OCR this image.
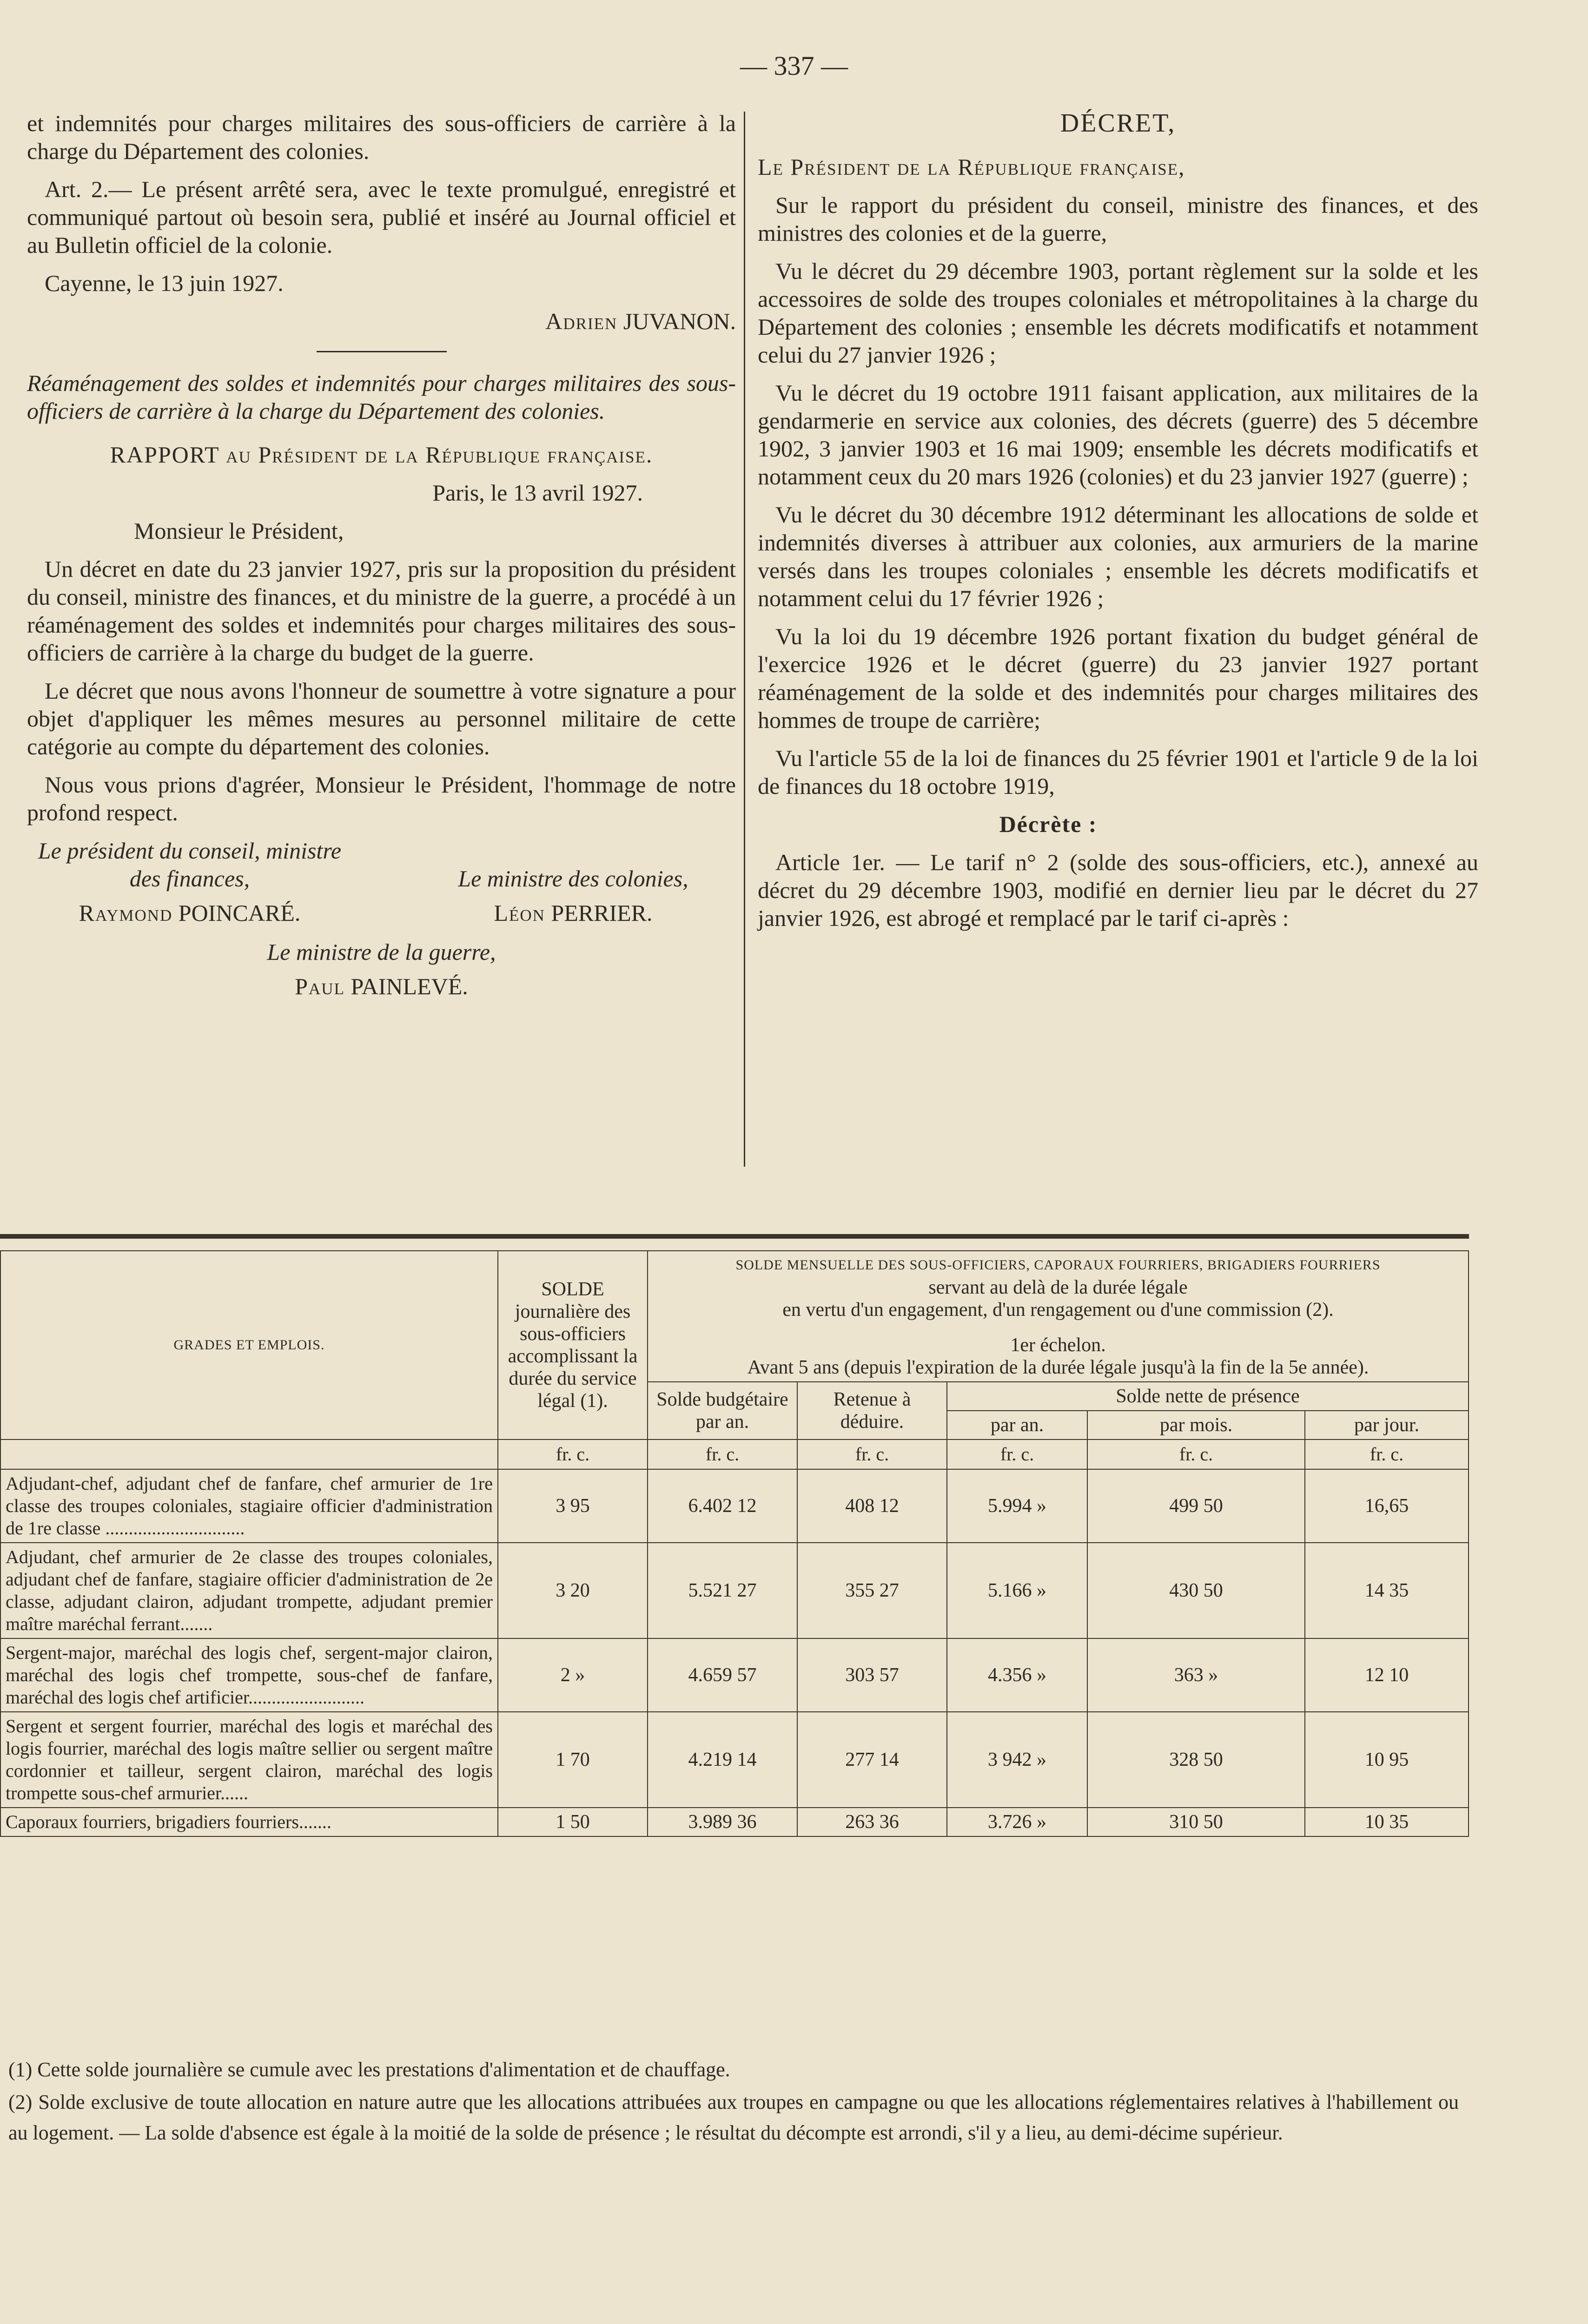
— 337 —

et indemnités pour charges militaires des sous-officiers de carrière à la charge du Département des colonies.

Art. 2.— Le présent arrêté sera, avec le texte promulgué, enregistré et communiqué partout où besoin sera, publié et inséré au Journal officiel et au Bulletin officiel de la colonie.

Cayenne, le 13 juin 1927.

Adrien JUVANON.

Réaménagement des soldes et indemnités pour charges militaires des sous-officiers de carrière à la charge du Département des colonies.

RAPPORT au Président de la République française.

Paris, le 13 avril 1927.

Monsieur le Président,

Un décret en date du 23 janvier 1927, pris sur la proposition du président du conseil, ministre des finances, et du ministre de la guerre, a procédé à un réaménagement des soldes et indemnités pour charges militaires des sous-officiers de carrière à la charge du budget de la guerre.

Le décret que nous avons l'honneur de soumettre à votre signature a pour objet d'appliquer les mêmes mesures au personnel militaire de cette catégorie au compte du département des colonies.

Nous vous prions d'agréer, Monsieur le Président, l'hommage de notre profond respect.

Le président du conseil, ministre des finances,
Raymond POINCARÉ.
Le ministre des colonies,
Léon PERRIER.
Le ministre de la guerre,
Paul PAINLEVÉ.

DÉCRET,

Le Président de la République française,

Sur le rapport du président du conseil, ministre des finances, et des ministres des colonies et de la guerre,

Vu le décret du 29 décembre 1903, portant règlement sur la solde et les accessoires de solde des troupes coloniales et métropolitaines à la charge du Département des colonies ; ensemble les décrets modificatifs et notamment celui du 27 janvier 1926 ;

Vu le décret du 19 octobre 1911 faisant application, aux militaires de la gendarmerie en service aux colonies, des décrets (guerre) des 5 décembre 1902, 3 janvier 1903 et 16 mai 1909; ensemble les décrets modificatifs et notamment ceux du 20 mars 1926 (colonies) et du 23 janvier 1927 (guerre) ;

Vu le décret du 30 décembre 1912 déterminant les allocations de solde et indemnités diverses à attribuer aux colonies, aux armuriers de la marine versés dans les troupes coloniales ; ensemble les décrets modificatifs et notamment celui du 17 février 1926 ;

Vu la loi du 19 décembre 1926 portant fixation du budget général de l'exercice 1926 et le décret (guerre) du 23 janvier 1927 portant réaménagement de la solde et des indemnités pour charges militaires des hommes de troupe de carrière;

Vu l'article 55 de la loi de finances du 25 février 1901 et l'article 9 de la loi de finances du 18 octobre 1919,

Décrète :

Article 1er. — Le tarif n° 2 (solde des sous-officiers, etc.), annexé au décret du 29 décembre 1903, modifié en dernier lieu par le décret du 27 janvier 1926, est abrogé et remplacé par le tarif ci-après :

GRADES ET EMPLOIS.	SOLDE journalière des sous-officiers accomplissant la durée du service légal (1).	SOLDE MENSUELLE DES SOUS-OFFICIERS, CAPORAUX FOURRIERS, BRIGADIERS FOURRIERS
servant au delà de la durée légale
en vertu d'un engagement, d'un rengagement ou d'une commission (2).
1er échelon.
Avant 5 ans (depuis l'expiration de la durée légale jusqu'à la fin de la 5e année).				

		Solde budgétaire par an.	Retenue à déduire.	Solde nette de présence		
				par an.	par mois.	par jour.
	fr. c.	fr. c.	fr. c.	fr. c.	fr. c.	fr. c.
Adjudant-chef, adjudant chef de fanfare, chef armurier de 1re classe des troupes coloniales, stagiaire officier d'administration de 1re classe ..............................	3 95	6.402 12	408 12	5.994 »	499 50	16,65
Adjudant, chef armurier de 2e classe des troupes coloniales, adjudant chef de fanfare, stagiaire officier d'administration de 2e classe, adjudant clairon, adjudant trompette, adjudant premier maître maréchal ferrant.......	3 20	5.521 27	355 27	5.166 »	430 50	14 35
Sergent-major, maréchal des logis chef, sergent-major clairon, maréchal des logis chef trompette, sous-chef de fanfare, maréchal des logis chef artificier.........................	2 »	4.659 57	303 57	4.356 »	363 »	12 10
Sergent et sergent fourrier, maréchal des logis et maréchal des logis fourrier, maréchal des logis maître sellier ou sergent maître cordonnier et tailleur, sergent clairon, maréchal des logis trompette sous-chef armurier......	1 70	4.219 14	277 14	3 942 »	328 50	10 95
Caporaux fourriers, brigadiers fourriers.......	1 50	3.989 36	263 36	3.726 »	310 50	10 35

(1) Cette solde journalière se cumule avec les prestations d'alimentation et de chauffage.

(2) Solde exclusive de toute allocation en nature autre que les allocations attribuées aux troupes en campagne ou que les allocations réglementaires relatives à l'habillement ou au logement. — La solde d'absence est égale à la moitié de la solde de présence ; le résultat du décompte est arrondi, s'il y a lieu, au demi-décime supérieur.
